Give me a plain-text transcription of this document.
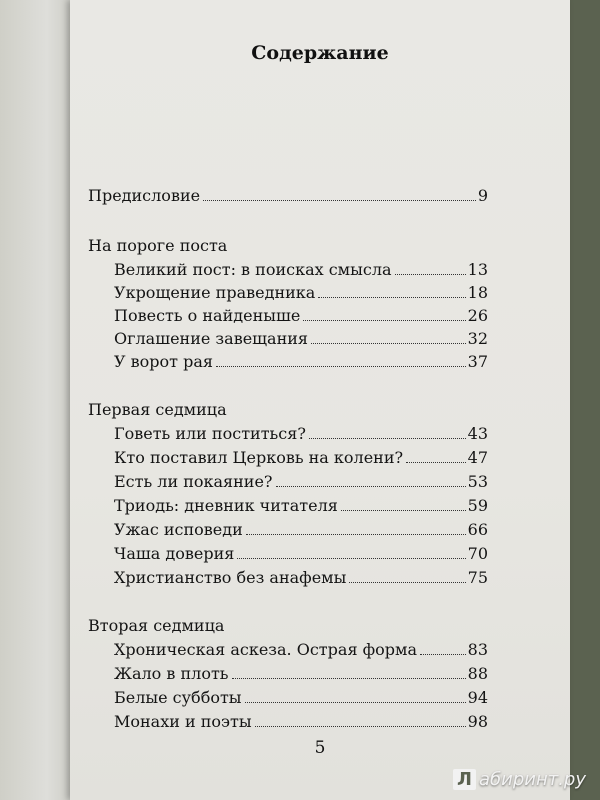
Содержание
Предисловие	9
На пороге поста
Великий пост: в поисках смысла	13
Укрощение праведника	18
Повесть о найденыше	26
Оглашение завещания	32
У ворот рая	37
Первая седмица
Говеть или поститься?	43
Кто поставил Церковь на колени?	47
Есть ли покаяние?	53
Триодь: дневник читателя	59
Ужас исповеди	66
Чаша доверия	70
Христианство без анафемы	75
Вторая седмица
Хроническая аскеза. Острая форма	83
Жало в плоть	88
Белые субботы	94
Монахи и поэты	98
5
Л абиринт.ру
